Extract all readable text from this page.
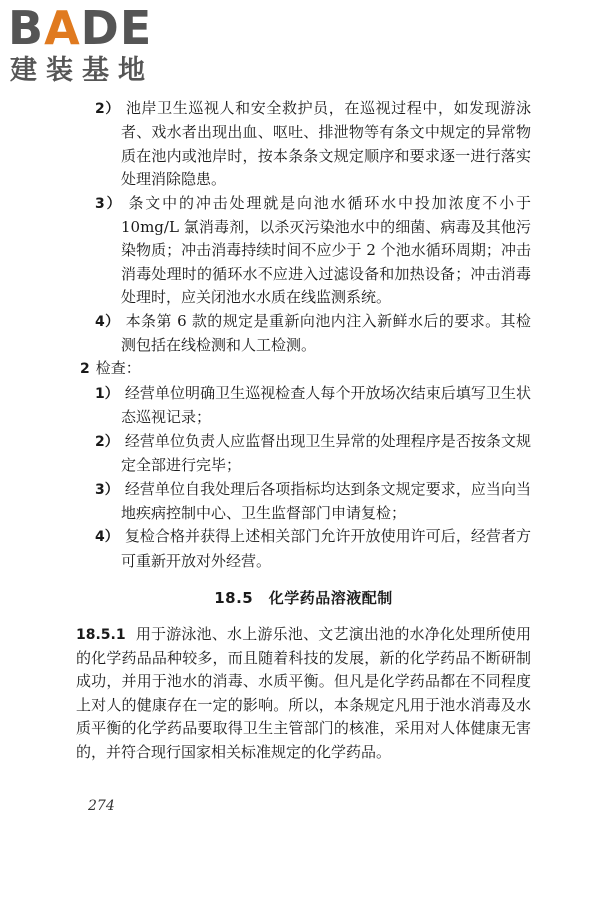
BADE
建装基地
2） 池岸卫生巡视人和安全救护员，在巡视过程中，如发现游泳者、戏水者出现出血、呕吐、排泄物等有条文中规定的异常物质在池内或池岸时，按本条条文规定顺序和要求逐一进行落实处理消除隐患。
3） 条文中的冲击处理就是向池水循环水中投加浓度不小于 10mg/L 氯消毒剂，以杀灭污染池水中的细菌、病毒及其他污染物质；冲击消毒持续时间不应少于 2 个池水循环周期；冲击消毒处理时的循环水不应进入过滤设备和加热设备；冲击消毒处理时，应关闭池水水质在线监测系统。
4） 本条第 6 款的规定是重新向池内注入新鲜水后的要求。其检测包括在线检测和人工检测。
2 检查：
1） 经营单位明确卫生巡视检查人每个开放场次结束后填写卫生状态巡视记录；
2） 经营单位负责人应监督出现卫生异常的处理程序是否按条文规定全部进行完毕；
3） 经营单位自我处理后各项指标均达到条文规定要求，应当向当地疾病控制中心、卫生监督部门申请复检；
4） 复检合格并获得上述相关部门允许开放使用许可后，经营者方可重新开放对外经营。
18.5　化学药品溶液配制
18.5.1 用于游泳池、水上游乐池、文艺演出池的水净化处理所使用的化学药品品种较多，而且随着科技的发展，新的化学药品不断研制成功，并用于池水的消毒、水质平衡。但凡是化学药品都在不同程度上对人的健康存在一定的影响。所以，本条规定凡用于池水消毒及水质平衡的化学药品要取得卫生主管部门的核准，采用对人体健康无害的，并符合现行国家相关标准规定的化学药品。
274
